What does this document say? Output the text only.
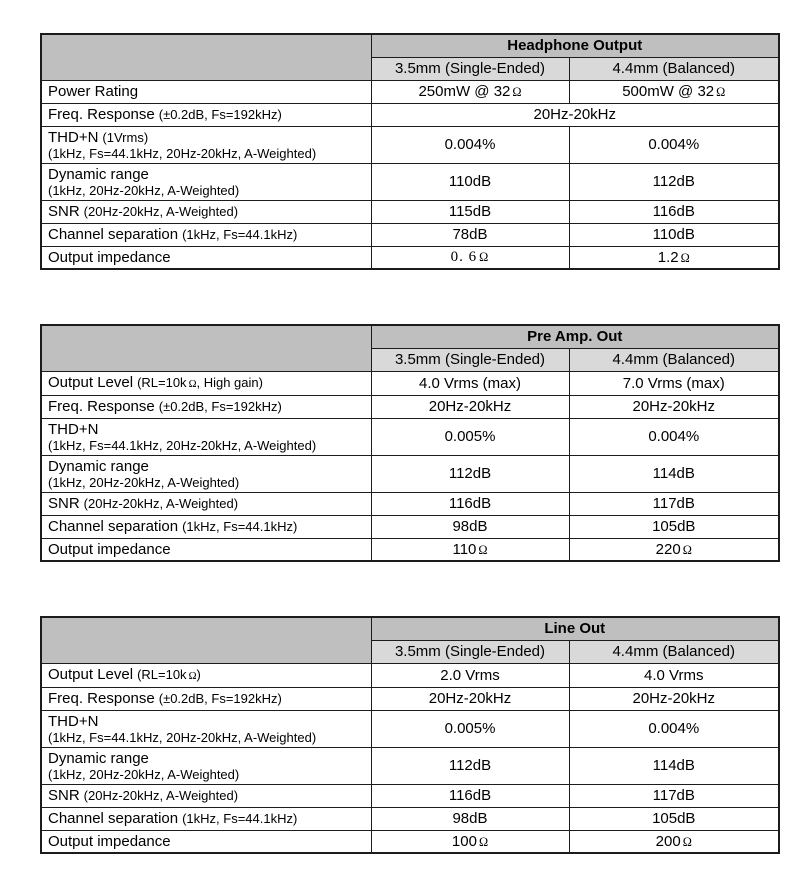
	Headphone Output	
	3.5mm (Single-Ended)	4.4mm (Balanced)
Power Rating	250mW @ 32 Ω	500mW @ 32 Ω
Freq. Response (±0.2dB, Fs=192kHz)	20Hz-20kHz	
THD+N (1Vrms)
(1kHz, Fs=44.1kHz, 20Hz-20kHz, A-Weighted)	0.004%	0.004%
Dynamic range
(1kHz, 20Hz-20kHz, A-Weighted)	110dB	112dB
SNR (20Hz-20kHz, A-Weighted)	115dB	116dB
Channel separation (1kHz, Fs=44.1kHz)	78dB	110dB
Output impedance	0. 6 Ω	1.2 Ω
	Pre Amp. Out	
	3.5mm (Single-Ended)	4.4mm (Balanced)
Output Level (RL=10k Ω, High gain)	4.0 Vrms (max)	7.0 Vrms (max)
Freq. Response (±0.2dB, Fs=192kHz)	20Hz-20kHz	20Hz-20kHz
THD+N
(1kHz, Fs=44.1kHz, 20Hz-20kHz, A-Weighted)	0.005%	0.004%
Dynamic range
(1kHz, 20Hz-20kHz, A-Weighted)	112dB	114dB
SNR (20Hz-20kHz, A-Weighted)	116dB	117dB
Channel separation (1kHz, Fs=44.1kHz)	98dB	105dB
Output impedance	110 Ω	220 Ω
	Line Out	
	3.5mm (Single-Ended)	4.4mm (Balanced)
Output Level (RL=10k Ω)	2.0 Vrms	4.0 Vrms
Freq. Response (±0.2dB, Fs=192kHz)	20Hz-20kHz	20Hz-20kHz
THD+N
(1kHz, Fs=44.1kHz, 20Hz-20kHz, A-Weighted)	0.005%	0.004%
Dynamic range
(1kHz, 20Hz-20kHz, A-Weighted)	112dB	114dB
SNR (20Hz-20kHz, A-Weighted)	116dB	117dB
Channel separation (1kHz, Fs=44.1kHz)	98dB	105dB
Output impedance	100 Ω	200 Ω
